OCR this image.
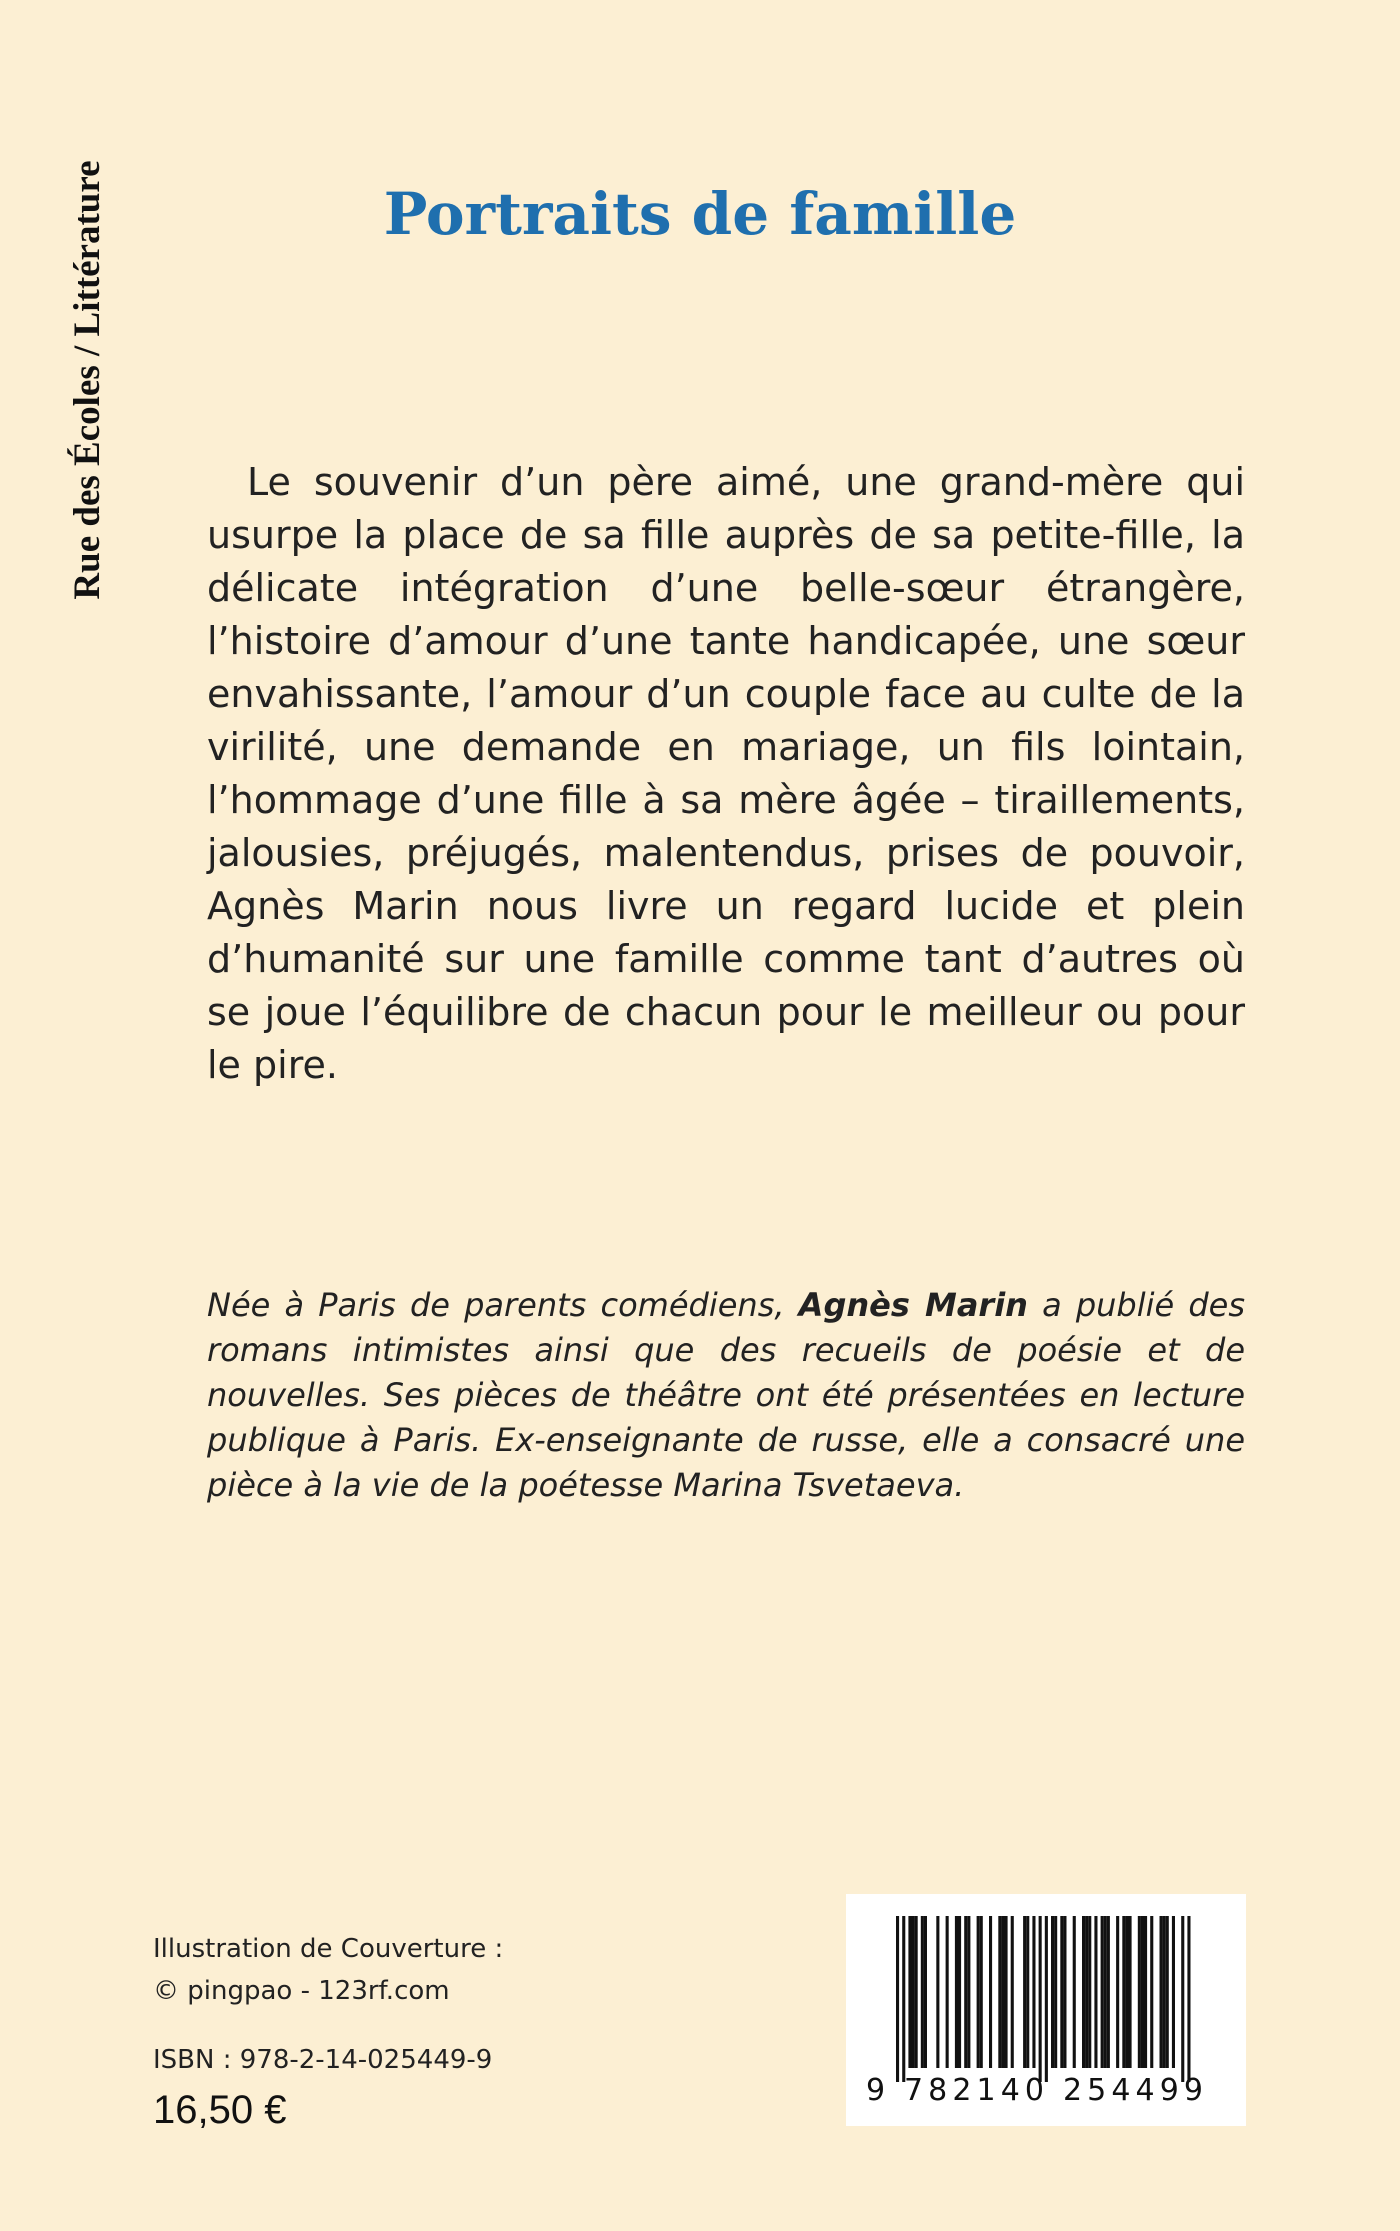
Rue des Écoles / Littérature	Portraits de famille

Le souvenir d’un père aimé, une grand-mère qui usurpe la place de sa fille auprès de sa petite-fille, la délicate intégration d’une belle-sœur étrangère, l’histoire d’amour d’une tante handicapée, une sœur envahissante, l’amour d’un couple face au culte de la virilité, une demande en mariage, un fils lointain, l’hommage d’une fille à sa mère âgée – tiraillements, jalousies, préjugés, malentendus, prises de pouvoir, Agnès Marin nous livre un regard lucide et plein d’humanité sur une famille comme tant d’autres où se joue l’équilibre de chacun pour le meilleur ou pour le pire.

Née à Paris de parents comédiens, Agnès Marin a publié des romans intimistes ainsi que des recueils de poésie et de nouvelles. Ses pièces de théâtre ont été présentées en lecture publique à Paris. Ex-enseignante de russe, elle a consacré une pièce à la vie de la poétesse Marina Tsvetaeva.

Illustration de Couverture :
© pingpao - 123rf.com
ISBN : 978-2-14-025449-9
16,50 €	9 782140 254499
